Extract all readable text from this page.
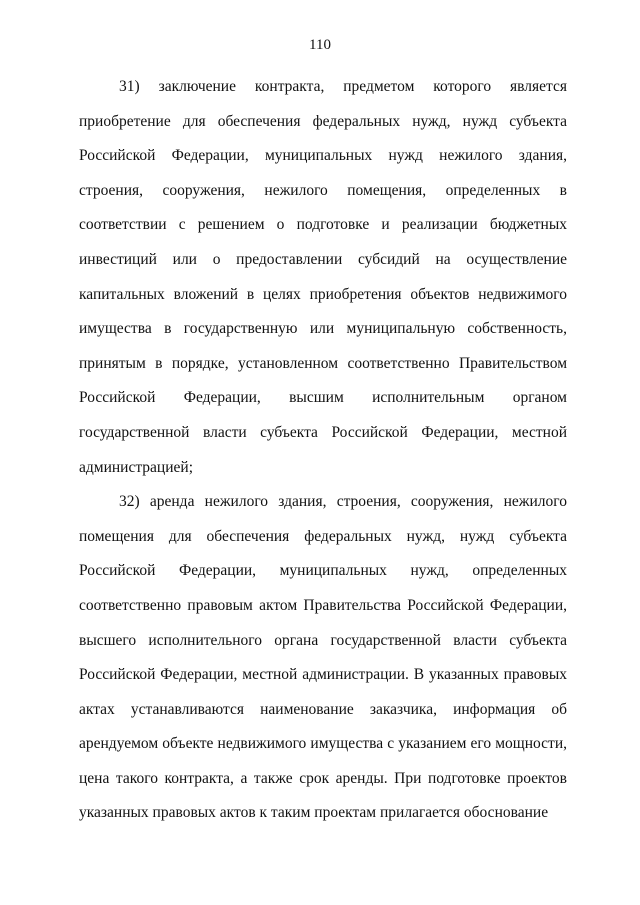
110

31) заключение контракта, предметом которого является приобретение для обеспечения федеральных нужд, нужд субъекта Российской Федерации, муниципальных нужд нежилого здания, строения, сооружения, нежилого помещения, определенных в соответствии с решением о подготовке и реализации бюджетных инвестиций или о предоставлении субсидий на осуществление капитальных вложений в целях приобретения объектов недвижимого имущества в государственную или муниципальную собственность, принятым в порядке, установленном соответственно Правительством Российской Федерации, высшим исполнительным органом государственной власти субъекта Российской Федерации, местной администрацией;

32) аренда нежилого здания, строения, сооружения, нежилого помещения для обеспечения федеральных нужд, нужд субъекта Российской Федерации, муниципальных нужд, определенных соответственно правовым актом Правительства Российской Федерации, высшего исполнительного органа государственной власти субъекта Российской Федерации, местной администрации. В указанных правовых актах устанавливаются наименование заказчика, информация об арендуемом объекте недвижимого имущества с указанием его мощности, цена такого контракта, а также срок аренды. При подготовке проектов указанных правовых актов к таким проектам прилагается обоснование
